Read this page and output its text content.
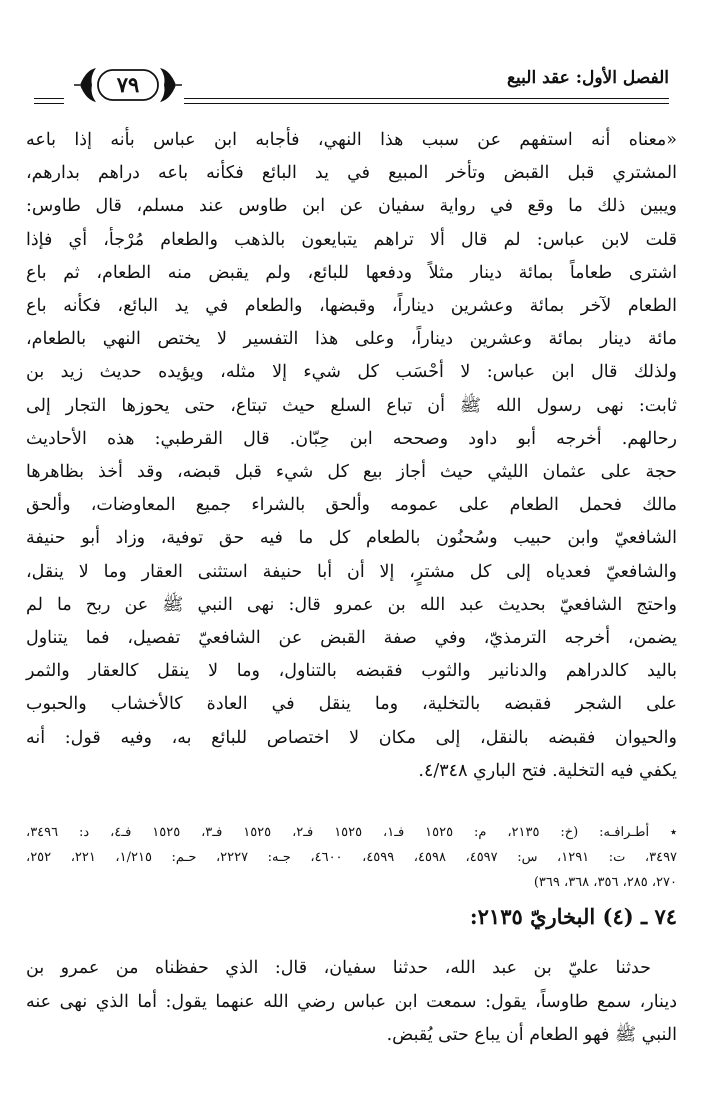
٧٩	الفصل الأول: عقد البيع

«معناه أنه استفهم عن سبب هذا النهي، فأجابه ابن عباس بأنه إذا باعه
المشتري قبل القبض وتأخر المبيع في يد البائع فكأنه باعه دراهم بدارهم،
ويبين ذلك ما وقع في رواية سفيان عن ابن طاوس عند مسلم، قال طاوس:
قلت لابن عباس: لم قال ألا تراهم يتبايعون بالذهب والطعام مُرْجأ، أي فإذا
اشترى طعاماً بمائة دينار مثلاً ودفعها للبائع، ولم يقبض منه الطعام، ثم باع
الطعام لآخر بمائة وعشرين ديناراً، وقبضها، والطعام في يد البائع، فكأنه باع
مائة دينار بمائة وعشرين ديناراً، وعلى هذا التفسير لا يختص النهي بالطعام،
ولذلك قال ابن عباس: لا أحْسَب كل شيء إلا مثله، ويؤيده حديث زيد بن
ثابت: نهى رسول الله ﷺ أن تباع السلع حيث تبتاع، حتى يحوزها التجار إلى
رحالهم. أخرجه أبو داود وصححه ابن حِبّان. قال القرطبي: هذه الأحاديث
حجة على عثمان الليثي حيث أجاز بيع كل شيء قبل قبضه، وقد أخذ بظاهرها
مالك فحمل الطعام على عمومه وألحق بالشراء جميع المعاوضات، وألحق
الشافعيّ وابن حبيب وسُحنُون بالطعام كل ما فيه حق توفية، وزاد أبو حنيفة
والشافعيّ فعدياه إلى كل مشترٍ، إلا أن أبا حنيفة استثنى العقار وما لا ينقل،
واحتج الشافعيّ بحديث عبد الله بن عمرو قال: نهى النبي ﷺ عن ربح ما لم
يضمن، أخرجه الترمذيّ، وفي صفة القبض عن الشافعيّ تفصيل، فما يتناول
باليد كالدراهم والدنانير والثوب فقبضه بالتناول، وما لا ينقل كالعقار والثمر
على الشجر فقبضه بالتخلية، وما ينقل في العادة كالأخشاب والحبوب
والحيوان فقبضه بالنقل، إلى مكان لا اختصاص للبائع به، وفيه قول: أنه
يكفي فيه التخلية. فتح الباري ٤/٣٤٨.

٭ أطـرافـه: (خ: ٢١٣٥، م: ١٥٢٥ فـ١، ١٥٢٥ فـ٢، ١٥٢٥ فـ٣، ١٥٢٥ فـ٤، د: ٣٤٩٦،
٣٤٩٧، ت: ١٢٩١، س: ٤٥٩٧، ٤٥٩٨، ٤٥٩٩، ٤٦٠٠، جـه: ٢٢٢٧، حـم: ١/٢١٥، ٢٢١، ٢٥٢،
٢٧٠، ٢٨٥، ٣٥٦، ٣٦٨، ٣٦٩)
٧٤ ـ (٤) البخاريّ ٢١٣٥:
حدثنا عليّ بن عبد الله، حدثنا سفيان، قال: الذي حفظناه من عمرو بن
دينار، سمع طاوساً، يقول: سمعت ابن عباس رضي الله عنهما يقول: أما الذي نهى عنه
النبي ﷺ فهو الطعام أن يباع حتى يُقبض.
